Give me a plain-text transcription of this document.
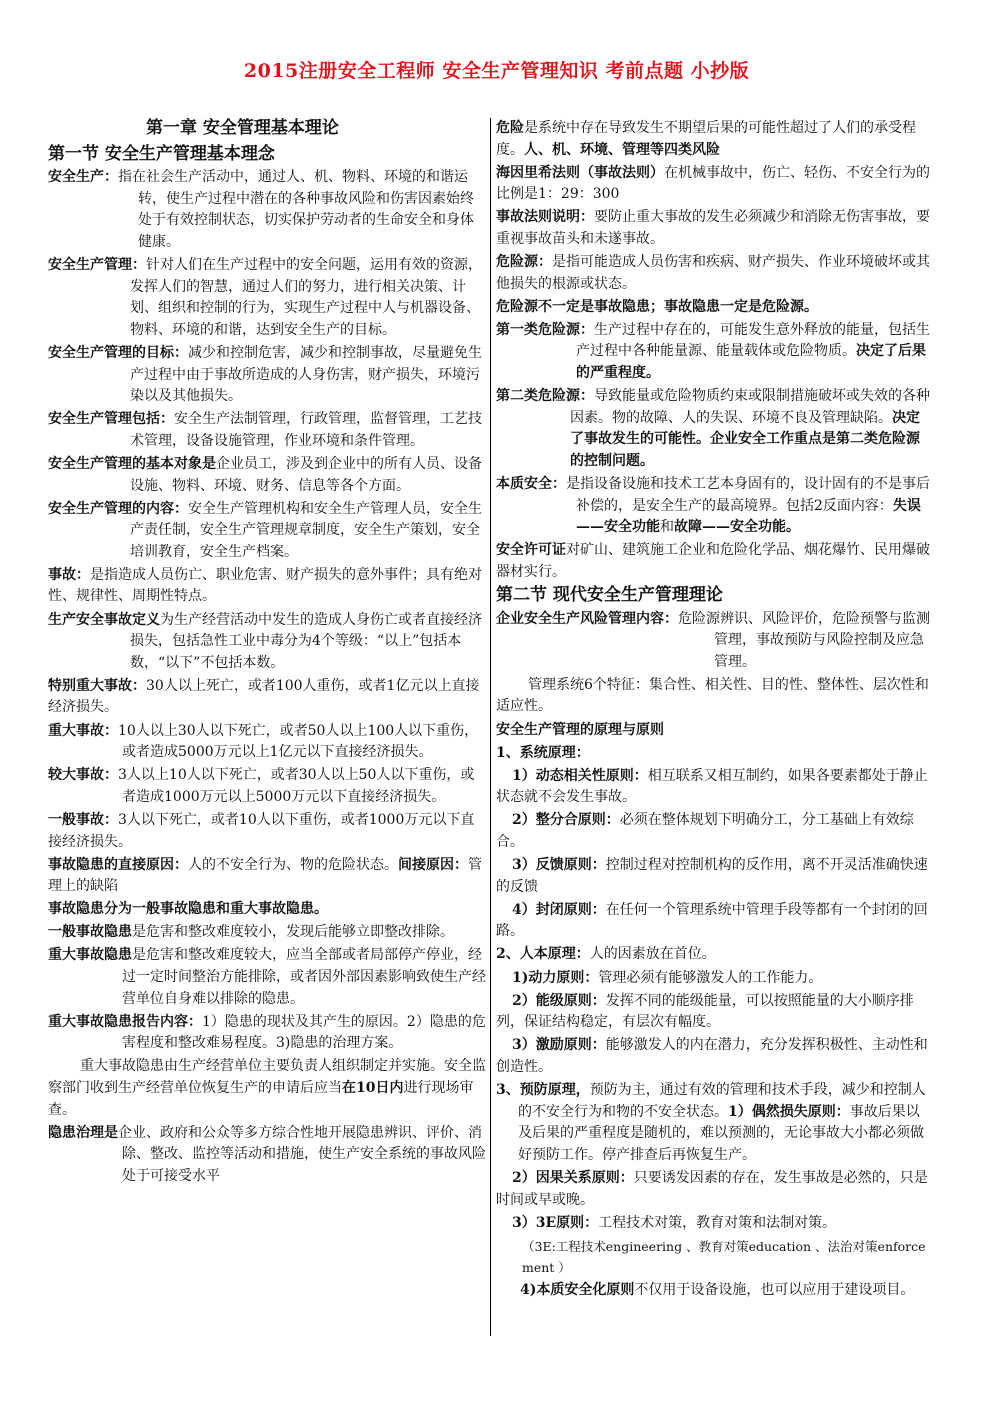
2015注册安全工程师 安全生产管理知识 考前点题 小抄版
第一章 安全管理基本理论
第一节 安全生产管理基本理念
安全生产：指在社会生产活动中，通过人、机、物料、环境的和谐运转，使生产过程中潜在的各种事故风险和伤害因素始终处于有效控制状态，切实保护劳动者的生命安全和身体健康。
安全生产管理：针对人们在生产过程中的安全问题，运用有效的资源，发挥人们的智慧，通过人们的努力，进行相关决策、计划、组织和控制的行为，实现生产过程中人与机器设备、物料、环境的和谐，达到安全生产的目标。
安全生产管理的目标：减少和控制危害，减少和控制事故，尽量避免生产过程中由于事故所造成的人身伤害，财产损失，环境污染以及其他损失。
安全生产管理包括：安全生产法制管理，行政管理，监督管理，工艺技术管理，设备设施管理，作业环境和条件管理。
安全生产管理的基本对象是企业员工，涉及到企业中的所有人员、设备设施、物料、环境、财务、信息等各个方面。
安全生产管理的内容：安全生产管理机构和安全生产管理人员，安全生产责任制，安全生产管理规章制度，安全生产策划，安全培训教育，安全生产档案。
事故：是指造成人员伤亡、职业危害、财产损失的意外事件；具有绝对性、规律性、周期性特点。
生产安全事故定义为生产经营活动中发生的造成人身伤亡或者直接经济损失，包括急性工业中毒分为4个等级：“以上”包括本数，“以下”不包括本数。
特别重大事故：30人以上死亡，或者100人重伤，或者1亿元以上直接经济损失。
重大事故：10人以上30人以下死亡，或者50人以上100人以下重伤，或者造成5000万元以上1亿元以下直接经济损失。
较大事故：3人以上10人以下死亡，或者30人以上50人以下重伤，或者造成1000万元以上5000万元以下直接经济损失。
一般事故：3人以下死亡，或者10人以下重伤，或者1000万元以下直接经济损失。
事故隐患的直接原因：人的不安全行为、物的危险状态。间接原因：管理上的缺陷
事故隐患分为一般事故隐患和重大事故隐患。
一般事故隐患是危害和整改难度较小，发现后能够立即整改排除。
重大事故隐患是危害和整改难度较大，应当全部或者局部停产停业，经过一定时间整治方能排除，或者因外部因素影响致使生产经营单位自身难以排除的隐患。
重大事故隐患报告内容：1）隐患的现状及其产生的原因。2）隐患的危害程度和整改难易程度。3)隐患的治理方案。
重大事故隐患由生产经营单位主要负责人组织制定并实施。安全监察部门收到生产经营单位恢复生产的申请后应当在10日内进行现场审查。
隐患治理是企业、政府和公众等多方综合性地开展隐患辨识、评价、消除、整改、监控等活动和措施，使生产安全系统的事故风险处于可接受水平
危险是系统中存在导致发生不期望后果的可能性超过了人们的承受程度。人、机、环境、管理等四类风险
海因里希法则（事故法则）在机械事故中，伤亡、轻伤、不安全行为的比例是1：29：300
事故法则说明：要防止重大事故的发生必须减少和消除无伤害事故，要重视事故苗头和未遂事故。
危险源：是指可能造成人员伤害和疾病、财产损失、作业环境破坏或其他损失的根源或状态。
危险源不一定是事故隐患；事故隐患一定是危险源。
第一类危险源：生产过程中存在的，可能发生意外释放的能量，包括生产过程中各种能量源、能量载体或危险物质。决定了后果的严重程度。
第二类危险源：导致能量或危险物质约束或限制措施破坏或失效的各种因素。物的故障、人的失误、环境不良及管理缺陷。决定了事故发生的可能性。企业安全工作重点是第二类危险源的控制问题。
本质安全：是指设备设施和技术工艺本身固有的，设计固有的不是事后补偿的，是安全生产的最高境界。包括2反面内容：失误——安全功能和故障——安全功能。
安全许可证对矿山、建筑施工企业和危险化学品、烟花爆竹、民用爆破器材实行。
第二节 现代安全生产管理理论
企业安全生产风险管理内容：危险源辨识、风险评价，危险预警与监测管理，事故预防与风险控制及应急管理。
管理系统6个特征：集合性、相关性、目的性、整体性、层次性和适应性。
安全生产管理的原理与原则
1、系统原理：
1）动态相关性原则：相互联系又相互制约，如果各要素都处于静止状态就不会发生事故。
2）整分合原则：必须在整体规划下明确分工，分工基础上有效综合。
3）反馈原则：控制过程对控制机构的反作用，离不开灵活准确快速的反馈
4）封闭原则：在任何一个管理系统中管理手段等都有一个封闭的回路。
2、人本原理：人的因素放在首位。
1)动力原则：管理必须有能够激发人的工作能力。
2）能级原则：发挥不同的能级能量，可以按照能量的大小顺序排列，保证结构稳定，有层次有幅度。
3）激励原则：能够激发人的内在潜力，充分发挥积极性、主动性和创造性。
3、预防原理，预防为主，通过有效的管理和技术手段，减少和控制人的不安全行为和物的不安全状态。1）偶然损失原则：事故后果以及后果的严重程度是随机的，难以预测的，无论事故大小都必须做好预防工作。停产排查后再恢复生产。
2）因果关系原则：只要诱发因素的存在，发生事故是必然的，只是时间或早或晚。
3）3E原则：工程技术对策，教育对策和法制对策。
（3E:工程技术engineering 、教育对策education 、法治对策enforcement ）
4)本质安全化原则不仅用于设备设施，也可以应用于建设项目。
